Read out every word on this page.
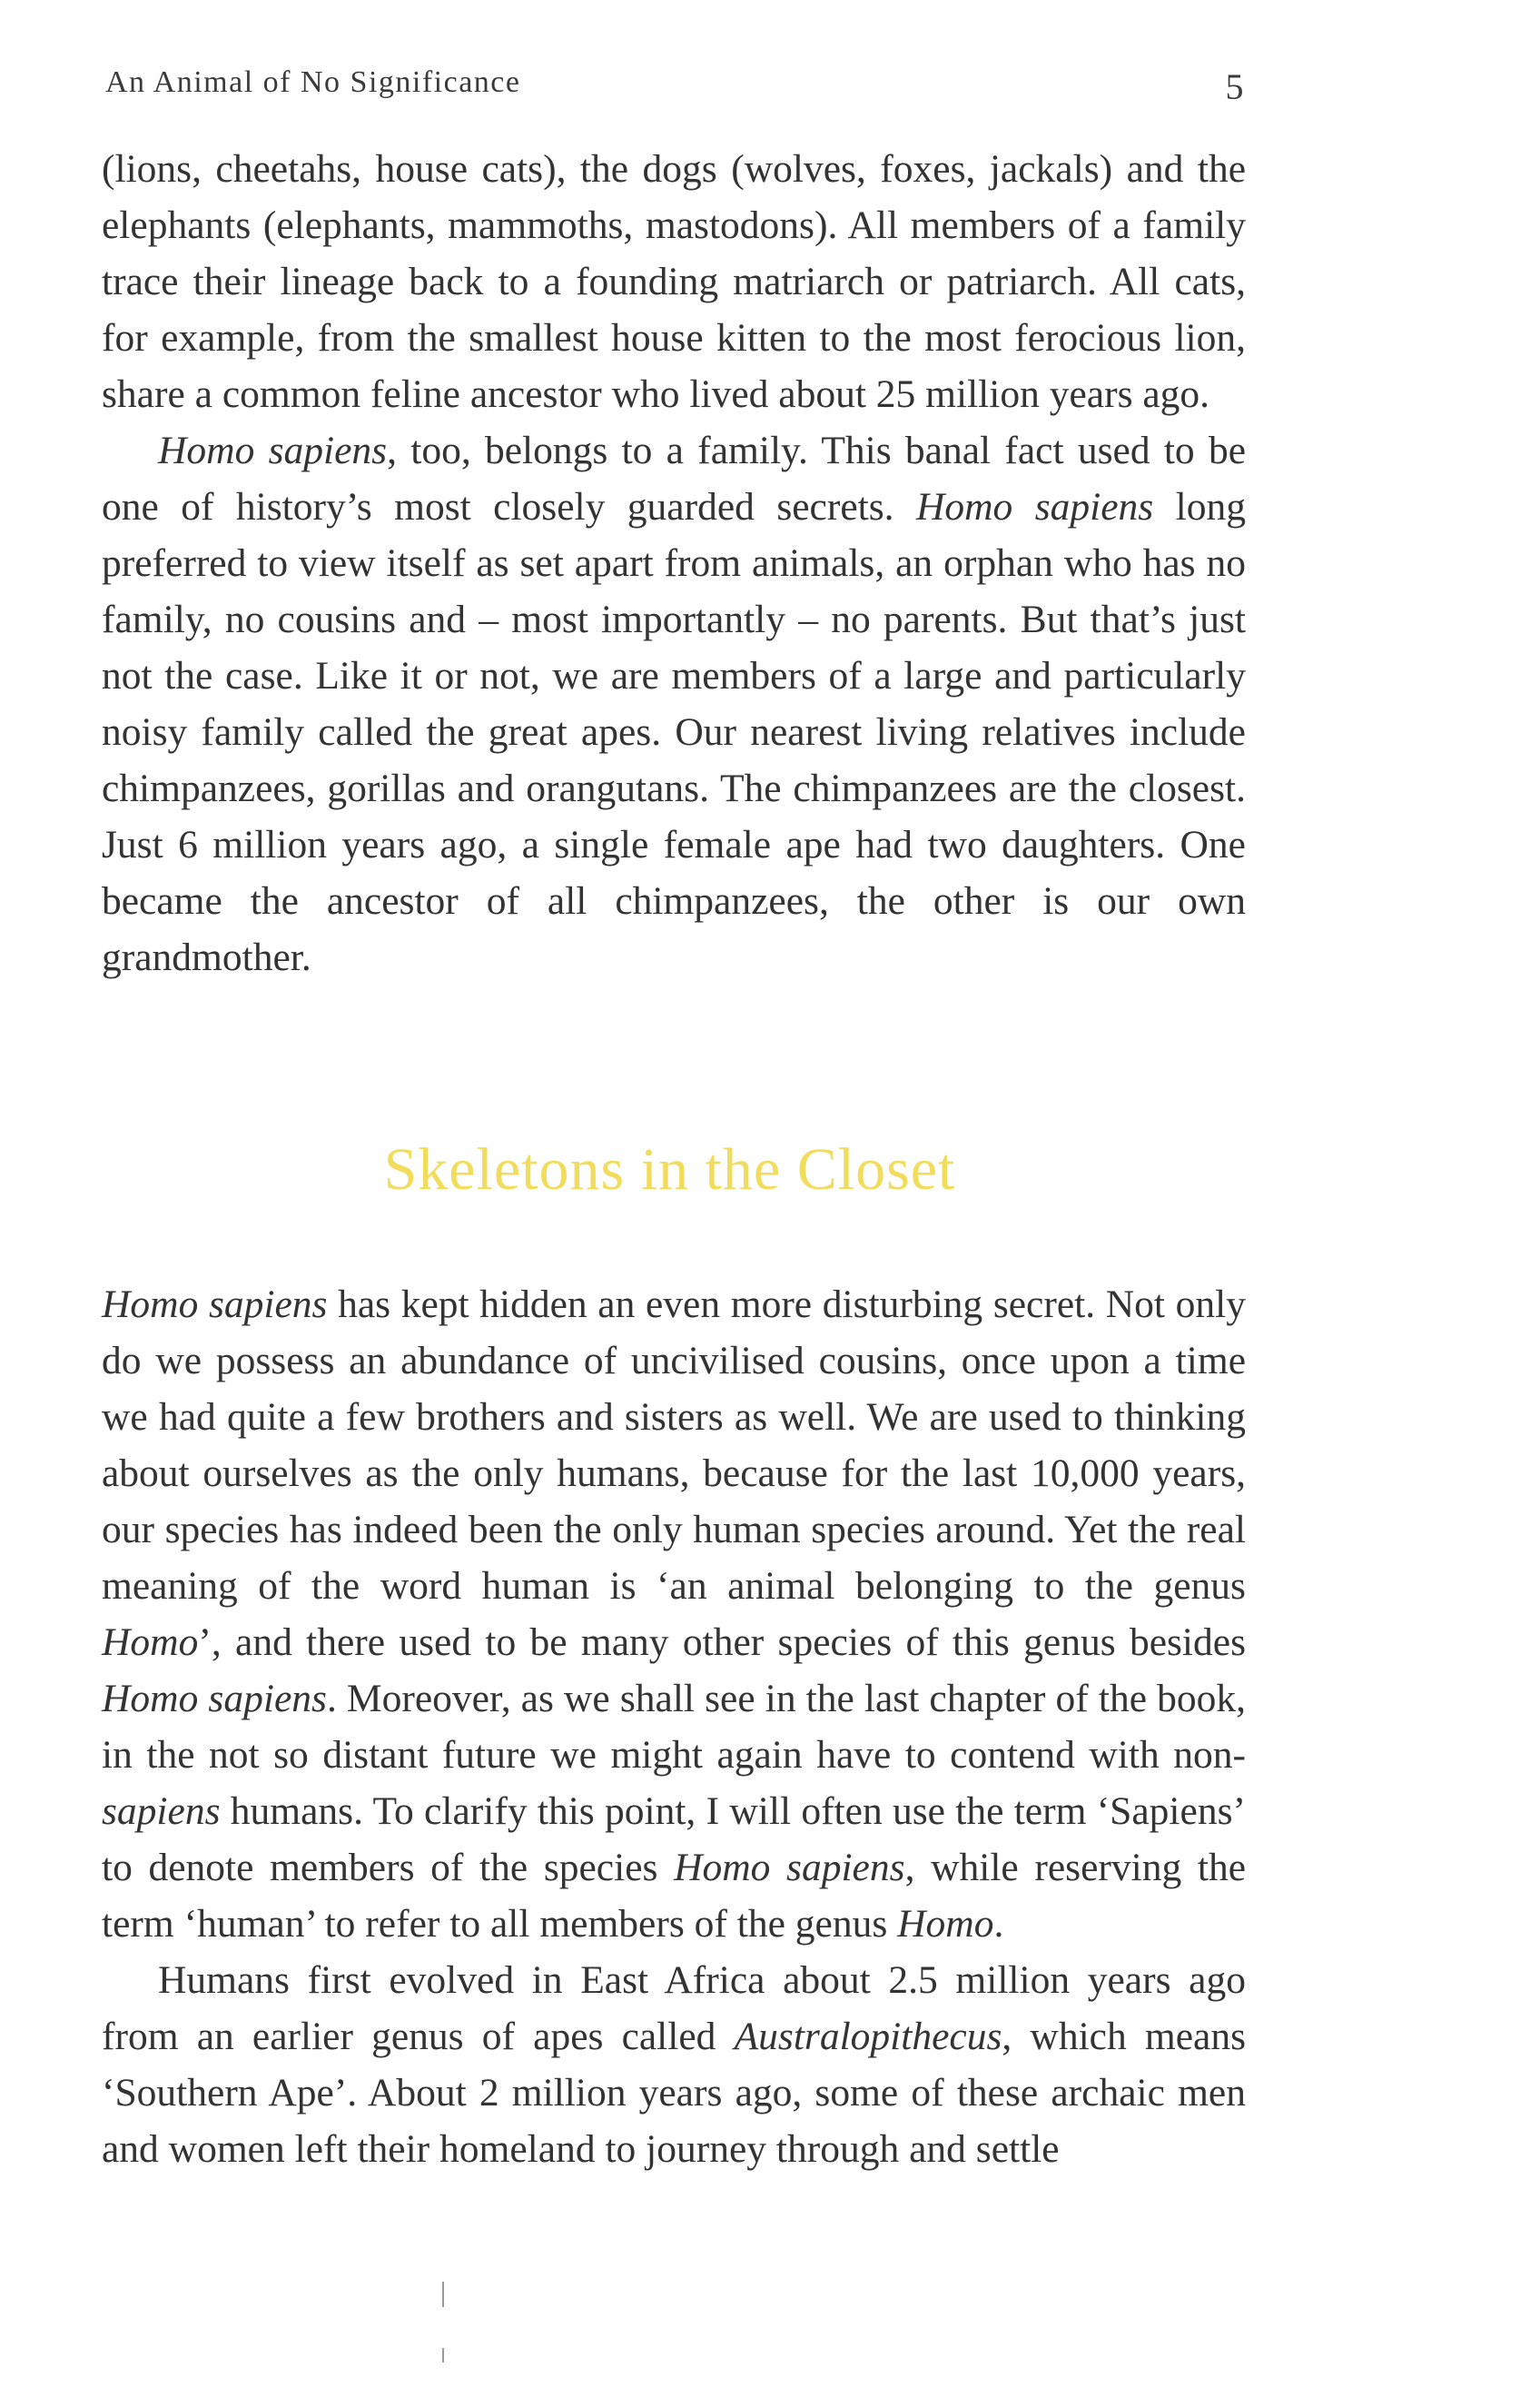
An Animal of No Significance	5

(lions, cheetahs, house cats), the dogs (wolves, foxes, jackals) and the elephants (elephants, mammoths, mastodons). All members of a family trace their lineage back to a founding matriarch or patriarch. All cats, for example, from the smallest house kitten to the most ferocious lion, share a common feline ancestor who lived about 25 million years ago.

Homo sapiens, too, belongs to a family. This banal fact used to be one of history’s most closely guarded secrets. Homo sapiens long preferred to view itself as set apart from animals, an orphan who has no family, no cousins and – most importantly – no parents. But that’s just not the case. Like it or not, we are members of a large and particularly noisy family called the great apes. Our nearest living relatives include chimpanzees, gorillas and orangutans. The chimpanzees are the closest. Just 6 million years ago, a single female ape had two daughters. One became the ancestor of all chimpanzees, the other is our own grandmother.

Skeletons in the Closet

Homo sapiens has kept hidden an even more disturbing secret. Not only do we possess an abundance of uncivilised cousins, once upon a time we had quite a few brothers and sisters as well. We are used to thinking about ourselves as the only humans, because for the last 10,000 years, our species has indeed been the only human species around. Yet the real meaning of the word human is ‘an animal belonging to the genus Homo’, and there used to be many other species of this genus besides Homo sapiens. Moreover, as we shall see in the last chapter of the book, in the not so distant future we might again have to contend with non-sapiens humans. To clarify this point, I will often use the term ‘Sapiens’ to denote members of the species Homo sapiens, while reserving the term ‘human’ to refer to all members of the genus Homo.

Humans first evolved in East Africa about 2.5 million years ago from an earlier genus of apes called Australopithecus, which means ‘Southern Ape’. About 2 million years ago, some of these archaic men and women left their homeland to journey through and settle
